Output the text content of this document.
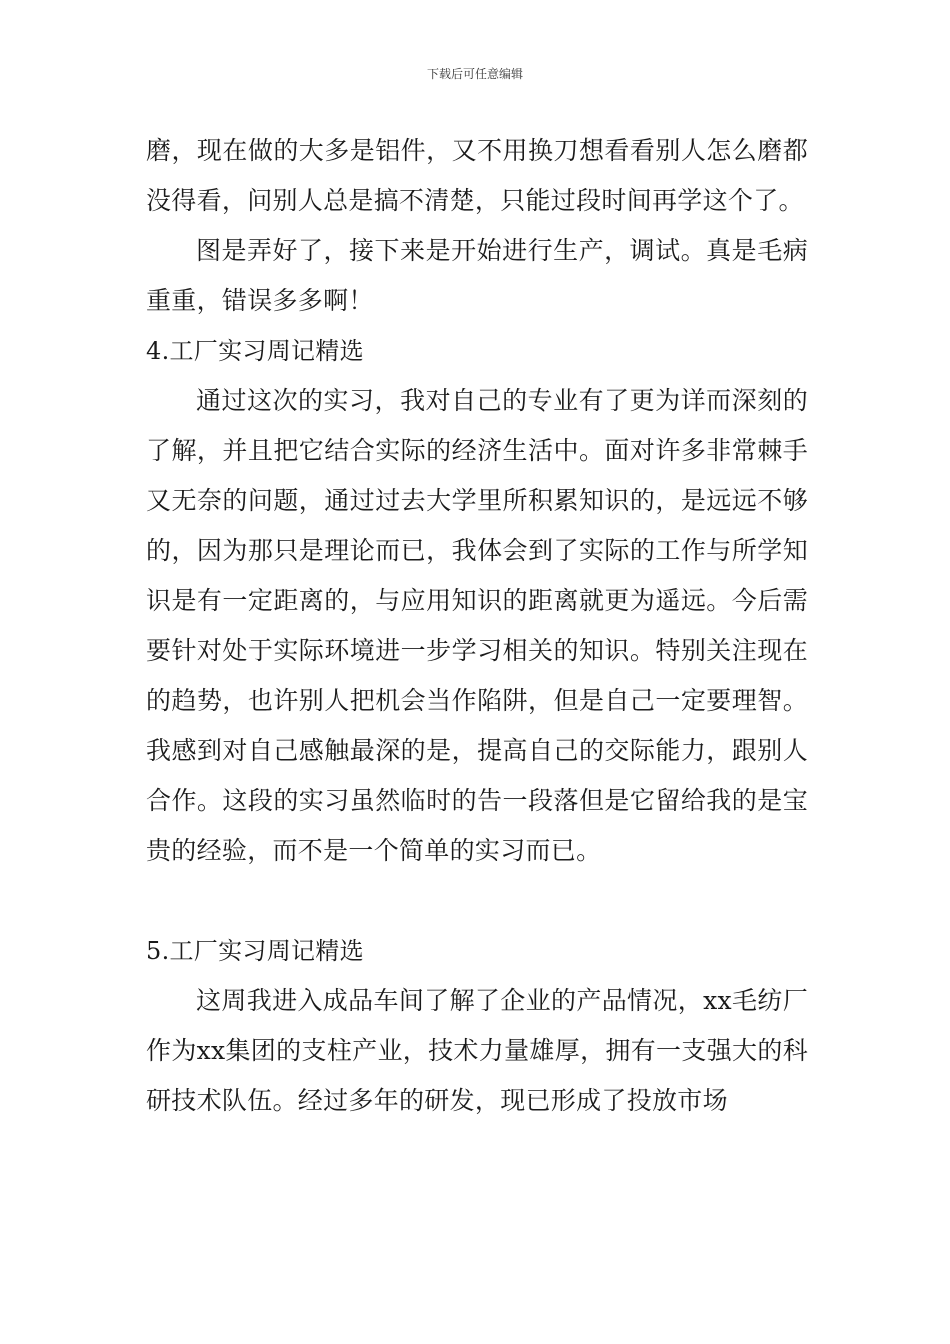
下载后可任意编辑

磨，现在做的大多是铝件，又不用换刀想看看别人怎么磨都没得看，问别人总是搞不清楚，只能过段时间再学这个了。

图是弄好了，接下来是开始进行生产，调试。真是毛病重重，错误多多啊！

4.工厂实习周记精选

通过这次的实习，我对自己的专业有了更为详而深刻的了解，并且把它结合实际的经济生活中。面对许多非常棘手又无奈的问题，通过过去大学里所积累知识的，是远远不够的，因为那只是理论而已，我体会到了实际的工作与所学知识是有一定距离的，与应用知识的距离就更为遥远。今后需要针对处于实际环境进一步学习相关的知识。特别关注现在的趋势，也许别人把机会当作陷阱，但是自己一定要理智。我感到对自己感触最深的是，提高自己的交际能力，跟别人合作。这段的实习虽然临时的告一段落但是它留给我的是宝贵的经验，而不是一个简单的实习而已。

5.工厂实习周记精选

这周我进入成品车间了解了企业的产品情况，xx毛纺厂作为xx集团的支柱产业，技术力量雄厚，拥有一支强大的科研技术队伍。经过多年的研发，现已形成了投放市场
